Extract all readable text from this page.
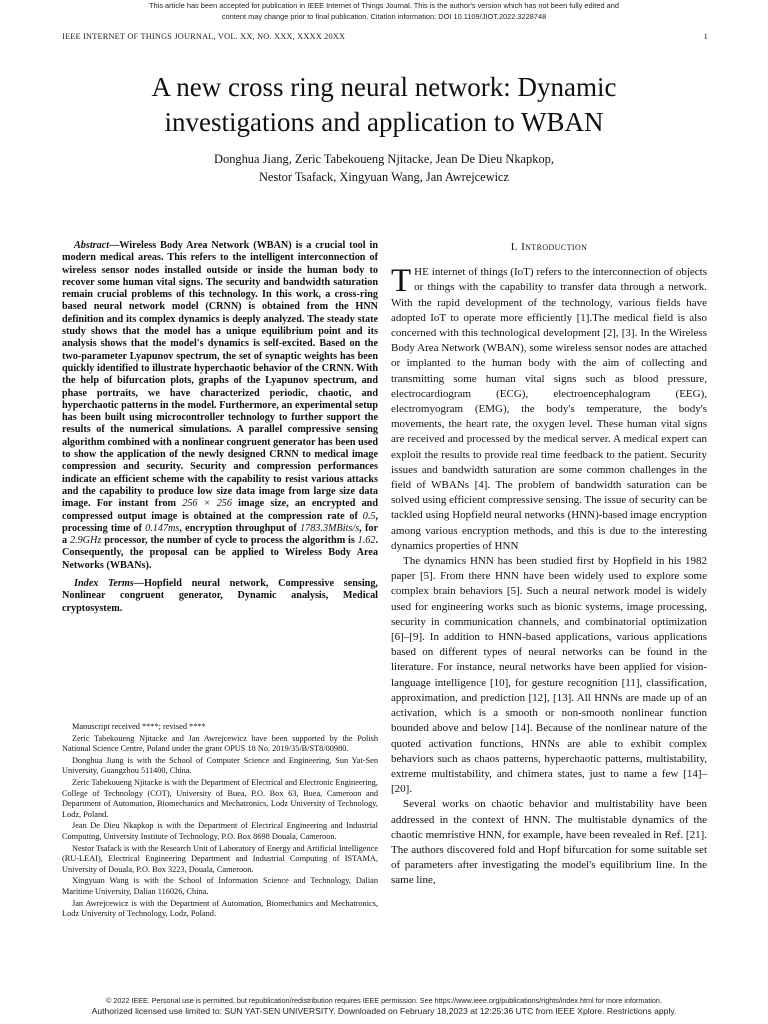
This article has been accepted for publication in IEEE Internet of Things Journal. This is the author's version which has not been fully edited and
content may change prior to final publication. Citation information: DOI 10.1109/JIOT.2022.3228748
IEEE INTERNET OF THINGS JOURNAL, VOL. XX, NO. XXX, XXXX 20XX	1
A new cross ring neural network: Dynamic
investigations and application to WBAN
Donghua Jiang, Zeric Tabekoueng Njitacke, Jean De Dieu Nkapkop,
Nestor Tsafack, Xingyuan Wang, Jan Awrejcewicz

Abstract—Wireless Body Area Network (WBAN) is a crucial tool in modern medical areas. This refers to the intelligent interconnection of wireless sensor nodes installed outside or inside the human body to recover some human vital signs. The security and bandwidth saturation remain crucial problems of this technology. In this work, a cross-ring based neural network model (CRNN) is obtained from the HNN definition and its complex dynamics is deeply analyzed. The steady state study shows that the model has a unique equilibrium point and its analysis shows that the model's dynamics is self-excited. Based on the two-parameter Lyapunov spectrum, the set of synaptic weights has been quickly identified to illustrate hyperchaotic behavior of the CRNN. With the help of bifurcation plots, graphs of the Lyapunov spectrum, and phase portraits, we have characterized periodic, chaotic, and hyperchaotic patterns in the model. Furthermore, an experimental setup has been built using microcontroller technology to further support the results of the numerical simulations. A parallel compressive sensing algorithm combined with a nonlinear congruent generator has been used to show the application of the newly designed CRNN to medical image compression and security. Security and compression performances indicate an efficient scheme with the capability to resist various attacks and the capability to produce low size data image from large size data image. For instant from 256 × 256 image size, an encrypted and compressed output image is obtained at the compression rate of 0.5, processing time of 0.147ms, encryption throughput of 1783.3MBits/s, for a 2.9GHz processor, the number of cycle to process the algorithm is 1.62. Consequently, the proposal can be applied to Wireless Body Area Networks (WBANs).

Index Terms—Hopfield neural network, Compressive sensing, Nonlinear congruent generator, Dynamic analysis, Medical cryptosystem.

Manuscript received ****; revised ****

Zeric Tabekoueng Njitacke and Jan Awrejcewicz have been supported by the Polish National Science Centre, Poland under the grant OPUS 18 No. 2019/35/B/ST8/00980.

Donghua Jiang is with the School of Computer Science and Engineering, Sun Yat-Sen University, Guangzhou 511400, China.

Zeric Tabekoueng Njitacke is with the Department of Electrical and Electronic Engineering, College of Technology (COT), University of Buea, P.O. Box 63, Buea, Cameroon and Department of Automation, Biomechanics and Mechatronics, Lodz University of Technology, Lodz, Poland.

Jean De Dieu Nkapkop is with the Department of Electrical Engineering and Industrial Computing, University Institute of Technology, P.O. Box 8698 Douala, Cameroon.

Nestor Tsafack is with the Research Unit of Laboratory of Energy and Artificial Intelligence (RU-LEAI), Electrical Engineering Department and Industrial Computing of ISTAMA, University of Douala, P.O. Box 3223, Douala, Cameroon.

Xingyuan Wang is with the School of Information Science and Technology, Dalian Maritime University, Dalian 116026, China.

Jan Awrejcewicz is with the Department of Automation, Biomechanics and Mechatronics, Lodz University of Technology, Lodz, Poland.

I. Introduction

THE internet of things (IoT) refers to the interconnection of objects or things with the capability to transfer data through a network. With the rapid development of the technology, various fields have adopted IoT to operate more efficiently [1].The medical field is also concerned with this technological development [2], [3]. In the Wireless Body Area Network (WBAN), some wireless sensor nodes are attached or implanted to the human body with the aim of collecting and transmitting some human vital signs such as blood pressure, electrocardiogram (ECG), electroencephalogram (EEG), electromyogram (EMG), the body's temperature, the body's movements, the heart rate, the oxygen level. These human vital signs are received and processed by the medical server. A medical expert can exploit the results to provide real time feedback to the patient. Security issues and bandwidth saturation are some common challenges in the field of WBANs [4]. The problem of bandwidth saturation can be solved using efficient compressive sensing. The issue of security can be tackled using Hopfield neural networks (HNN)-based image encryption among various encryption methods, and this is due to the interesting dynamics properties of HNN

The dynamics HNN has been studied first by Hopfield in his 1982 paper [5]. From there HNN have been widely used to explore some complex brain behaviors [5]. Such a neural network model is widely used for engineering works such as bionic systems, image processing, security in communication channels, and combinatorial optimization [6]–[9]. In addition to HNN-based applications, various applications based on different types of neural networks can be found in the literature. For instance, neural networks have been applied for vision-language intelligence [10], for gesture recognition [11], classification, approximation, and prediction [12], [13]. All HNNs are made up of an activation, which is a smooth or non-smooth nonlinear function bounded above and below [14]. Because of the nonlinear nature of the quoted activation functions, HNNs are able to exhibit complex behaviors such as chaos patterns, hyperchaotic patterns, multistability, extreme multistability, and chimera states, just to name a few [14]–[20].

Several works on chaotic behavior and multistability have been addressed in the context of HNN. The multistable dynamics of the chaotic memristive HNN, for example, have been revealed in Ref. [21]. The authors discovered fold and Hopf bifurcation for some suitable set of parameters after investigating the model's equilibrium line. In the same line,

© 2022 IEEE. Personal use is permitted, but republication/redistribution requires IEEE permission. See https://www.ieee.org/publications/rights/index.html for more information.
Authorized licensed use limited to: SUN YAT-SEN UNIVERSITY. Downloaded on February 18,2023 at 12:25:36 UTC from IEEE Xplore. Restrictions apply.
